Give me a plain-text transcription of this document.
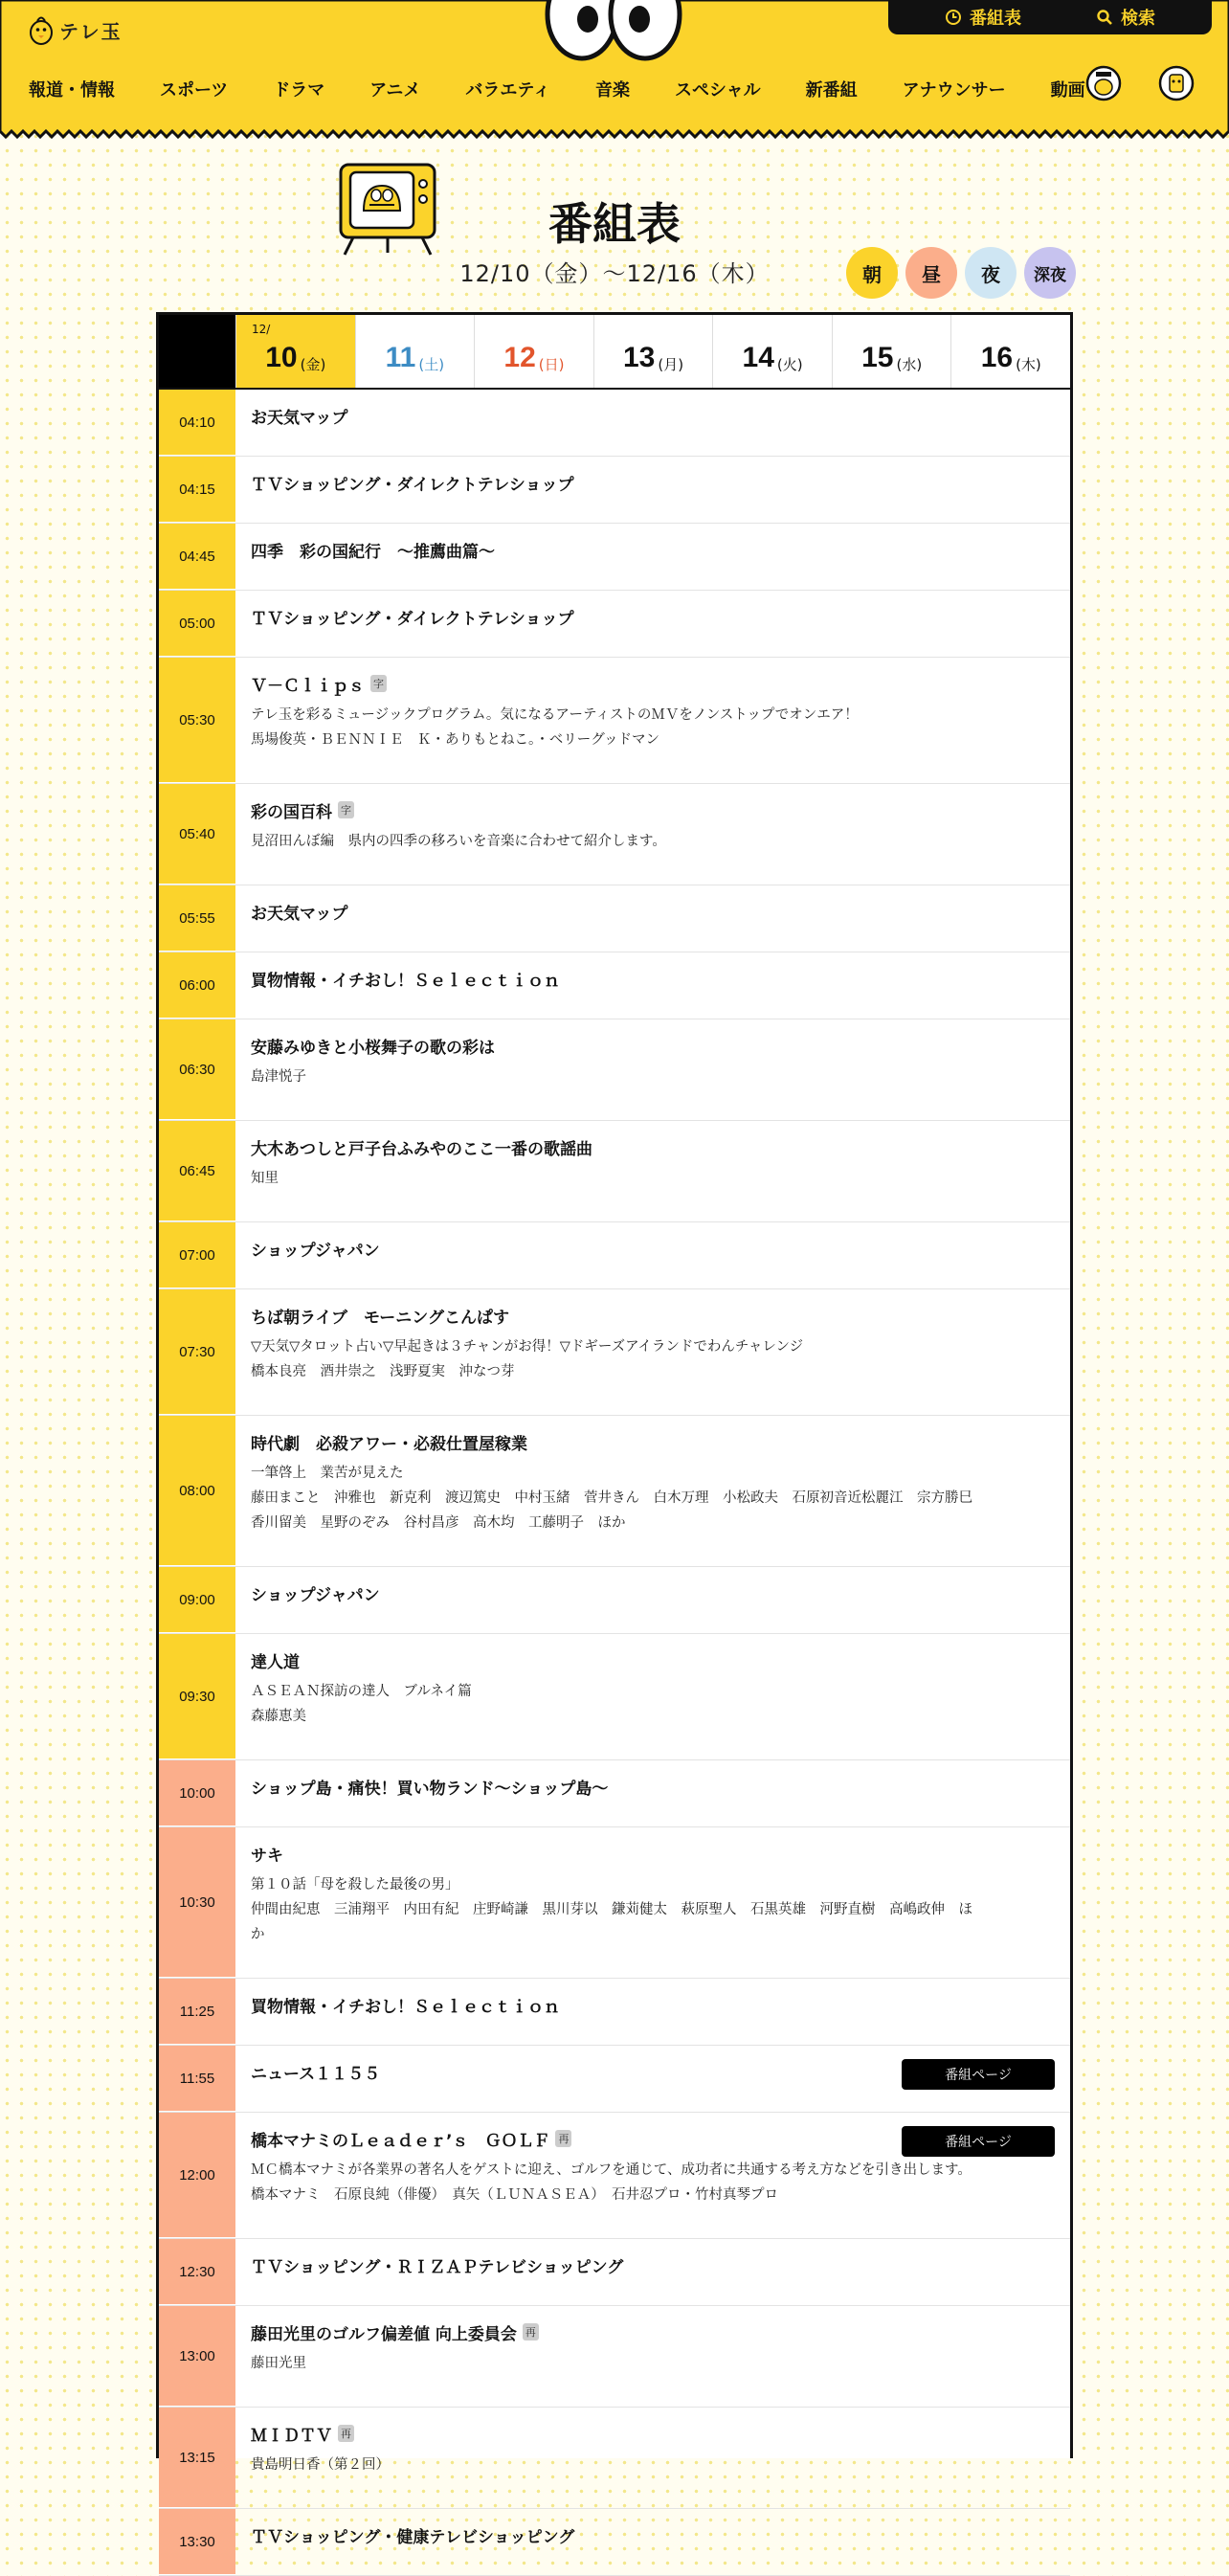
テレ玉
番組表	検索
報道・情報	スポーツ	ドラマ	アニメ	バラエティ	音楽	スペシャル	新番組	アナウンサー	動画
番組表
12/10（金）〜12/16（木）	朝	昼	夜	深夜
12/
10 (金) 11 (土) 12 (日) 13 (月) 14 (火) 15 (水) 16 (木)
04:10	お天気マップ
04:15	ＴＶショッピング・ダイレクトテレショップ
04:45	四季　彩の国紀行　～推薦曲篇～
05:00	ＴＶショッピング・ダイレクトテレショップ
05:30
Ｖ－Ｃｌｉｐｓ 字
テレ玉を彩るミュージックプログラム。気になるアーティストのＭＶをノンストップでオンエア！
馬場俊英・ＢＥＮＮＩＥ　Ｋ・ありもとねこ。・ベリーグッドマン
05:40
彩の国百科 字
見沼田んぼ編　県内の四季の移ろいを音楽に合わせて紹介します。
05:55	お天気マップ
06:00	買物情報・イチおし！Ｓｅｌｅｃｔｉｏｎ
06:30
安藤みゆきと小桜舞子の歌の彩は
島津悦子
06:45
大木あつしと戸子台ふみやのここ一番の歌謡曲
知里
07:00	ショップジャパン
07:30
ちば朝ライブ　モーニングこんぱす
▽天気▽タロット占い▽早起きは３チャンがお得！▽ドギーズアイランドでわんチャレンジ
橋本良亮　酒井崇之　浅野夏実　沖なつ芽
08:00
時代劇　必殺アワー・必殺仕置屋稼業
一筆啓上　業苦が見えた
藤田まこと　沖雅也　新克利　渡辺篤史　中村玉緒　菅井きん　白木万理　小松政夫　石原初音近松麗江　宗方勝巳
香川留美　星野のぞみ　谷村昌彦　高木均　工藤明子　ほか
09:00	ショップジャパン
09:30
達人道
ＡＳＥＡＮ探訪の達人　ブルネイ篇
森藤恵美
10:00	ショップ島・痛快！買い物ランド～ショップ島～
10:30
サキ
第１０話「母を殺した最後の男」
仲間由紀恵　三浦翔平　内田有紀　庄野崎謙　黒川芽以　鎌苅健太　萩原聖人　石黒英雄　河野直樹　高嶋政伸　ほ
か
11:25	買物情報・イチおし！Ｓｅｌｅｃｔｉｏｎ
11:55	ニュース１１５５	番組ページ
12:00
橋本マナミのＬｅａｄｅｒ’ｓ　ＧＯＬＦ 再
ＭＣ橋本マナミが各業界の著名人をゲストに迎え、ゴルフを通じて、成功者に共通する考え方などを引き出します。
橋本マナミ　石原良純（俳優）　真矢（ＬＵＮＡＳＥＡ）　石井忍プロ・竹村真琴プロ
番組ページ
12:30	ＴＶショッピング・ＲＩＺＡＰテレビショッピング
13:00
藤田光里のゴルフ偏差値 向上委員会 再
藤田光里
13:15
ＭＩＤＴＶ 再
貴島明日香（第２回）
13:30	ＴＶショッピング・健康テレビショッピング
